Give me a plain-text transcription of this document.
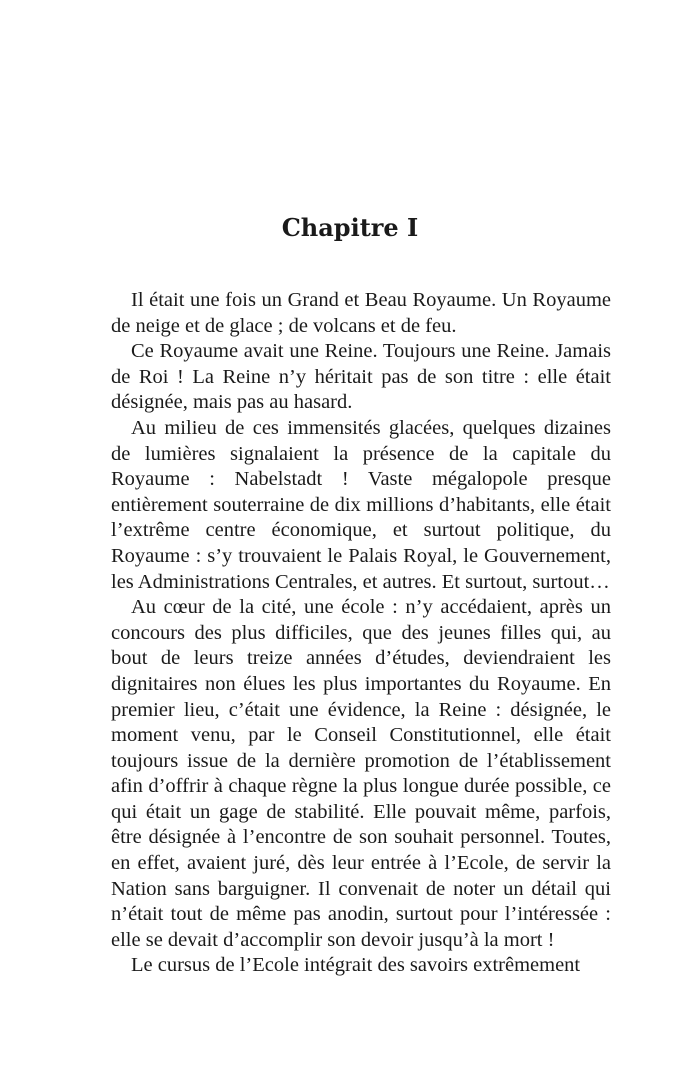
Chapitre I

Il était une fois un Grand et Beau Royaume. Un Royaume de neige et de glace ; de volcans et de feu.

Ce Royaume avait une Reine. Toujours une Reine. Jamais de Roi ! La Reine n’y héritait pas de son titre : elle était désignée, mais pas au hasard.

Au milieu de ces immensités glacées, quelques dizaines de lumières signalaient la présence de la capitale du Royaume : Nabelstadt ! Vaste mégalopole presque entièrement souterraine de dix millions d’habitants, elle était l’extrême centre économique, et surtout politique, du Royaume : s’y trouvaient le Palais Royal, le Gouvernement, les Administrations Centrales, et autres. Et surtout, surtout…

Au cœur de la cité, une école : n’y accédaient, après un concours des plus difficiles, que des jeunes filles qui, au bout de leurs treize années d’études, deviendraient les dignitaires non élues les plus importantes du Royaume. En premier lieu, c’était une évidence, la Reine : désignée, le moment venu, par le Conseil Constitutionnel, elle était toujours issue de la dernière promotion de l’établissement afin d’offrir à chaque règne la plus longue durée possible, ce qui était un gage de stabilité. Elle pouvait même, parfois, être désignée à l’encontre de son souhait personnel. Toutes, en effet, avaient juré, dès leur entrée à l’Ecole, de servir la Nation sans barguigner. Il convenait de noter un détail qui n’était tout de même pas anodin, surtout pour l’intéressée : elle se devait d’accomplir son devoir jusqu’à la mort !

Le cursus de l’Ecole intégrait des savoirs extrêmement
